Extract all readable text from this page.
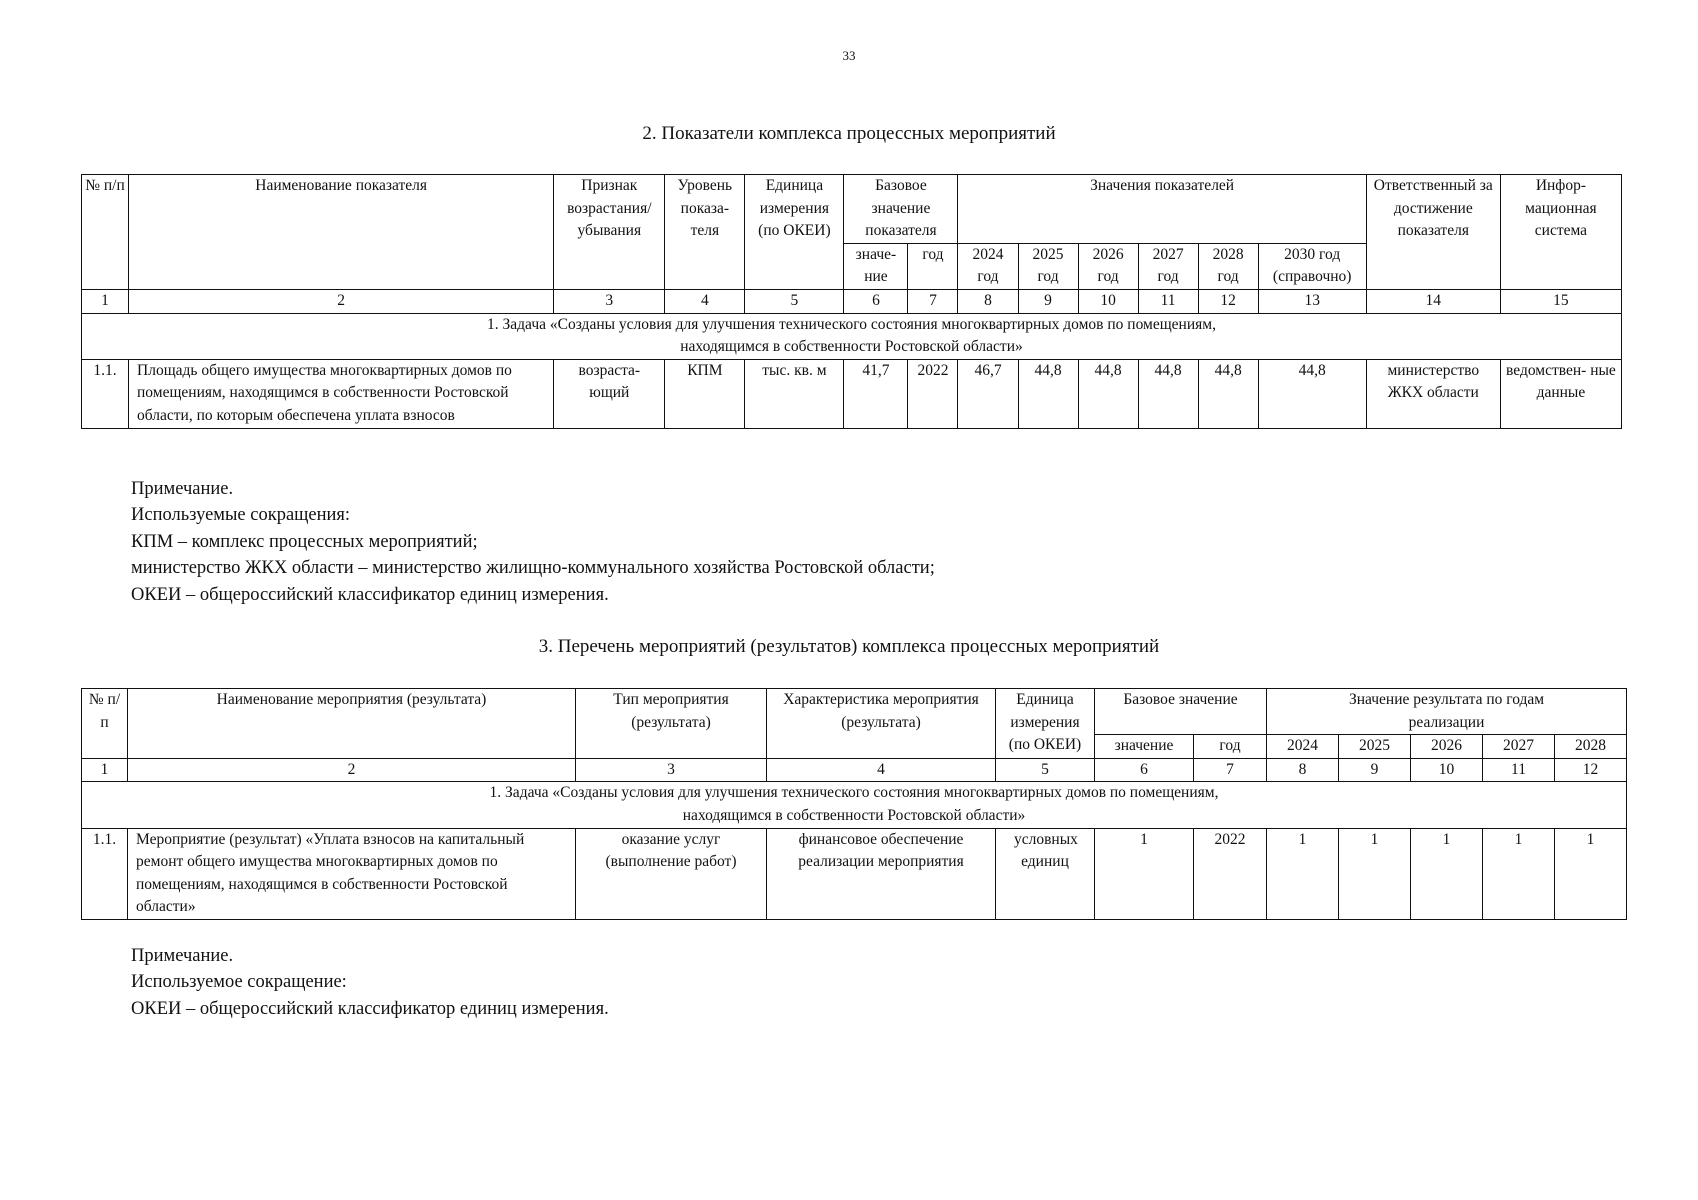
33
2. Показатели комплекса процессных мероприятий
№ п/п	Наименование показателя	Признак возрастания/ убывания	Уровень показа- теля	Единица измерения (по ОКЕИ)	Базовое значение показателя		Значения показателей						Ответственный за достижение показателя	Инфор- мационная система
					значе- ние	год	2024 год	2025 год	2026 год	2027 год	2028 год	2030 год (справочно)		
1	2	3	4	5	6	7	8	9	10	11	12	13	14	15
1. Задача «Созданы условия для улучшения технического состояния многоквартирных домов по помещениям, находящимся в собственности Ростовской области»														
1.1.	Площадь общего имущества многоквартирных домов по помещениям, находящимся в собственности Ростовской области, по которым обеспечена уплата взносов	возраста- ющий	КПМ	тыс. кв. м	41,7	2022	46,7	44,8	44,8	44,8	44,8	44,8	министерство ЖКХ области	ведомствен- ные данные
Примечание.
Используемые сокращения:
КПМ – комплекс процессных мероприятий;
министерство ЖКХ области – министерство жилищно-коммунального хозяйства Ростовской области;
ОКЕИ – общероссийский классификатор единиц измерения.
3. Перечень мероприятий (результатов) комплекса процессных мероприятий
№ п/п	Наименование мероприятия (результата)	Тип мероприятия (результата)	Характеристика мероприятия (результата)	Единица измерения (по ОКЕИ)	Базовое значение		Значение результата по годам реализации				
					значение	год	2024	2025	2026	2027	2028
1	2	3	4	5	6	7	8	9	10	11	12
1. Задача «Созданы условия для улучшения технического состояния многоквартирных домов по помещениям, находящимся в собственности Ростовской области»											
1.1.	Мероприятие (результат) «Уплата взносов на капитальный ремонт общего имущества многоквартирных домов по помещениям, находящимся в собственности Ростовской области»	оказание услуг (выполнение работ)	финансовое обеспечение реализации мероприятия	условных единиц	1	2022	1	1	1	1	1
Примечание.
Используемое сокращение:
ОКЕИ – общероссийский классификатор единиц измерения.
